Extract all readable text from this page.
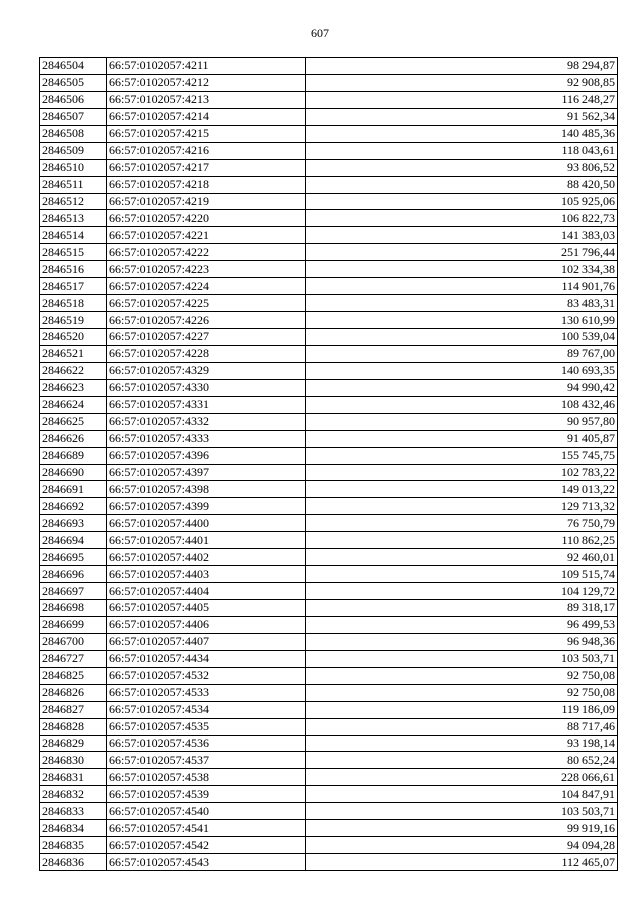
607
2846504	66:57:0102057:4211	98 294,87
2846505	66:57:0102057:4212	92 908,85
2846506	66:57:0102057:4213	116 248,27
2846507	66:57:0102057:4214	91 562,34
2846508	66:57:0102057:4215	140 485,36
2846509	66:57:0102057:4216	118 043,61
2846510	66:57:0102057:4217	93 806,52
2846511	66:57:0102057:4218	88 420,50
2846512	66:57:0102057:4219	105 925,06
2846513	66:57:0102057:4220	106 822,73
2846514	66:57:0102057:4221	141 383,03
2846515	66:57:0102057:4222	251 796,44
2846516	66:57:0102057:4223	102 334,38
2846517	66:57:0102057:4224	114 901,76
2846518	66:57:0102057:4225	83 483,31
2846519	66:57:0102057:4226	130 610,99
2846520	66:57:0102057:4227	100 539,04
2846521	66:57:0102057:4228	89 767,00
2846622	66:57:0102057:4329	140 693,35
2846623	66:57:0102057:4330	94 990,42
2846624	66:57:0102057:4331	108 432,46
2846625	66:57:0102057:4332	90 957,80
2846626	66:57:0102057:4333	91 405,87
2846689	66:57:0102057:4396	155 745,75
2846690	66:57:0102057:4397	102 783,22
2846691	66:57:0102057:4398	149 013,22
2846692	66:57:0102057:4399	129 713,32
2846693	66:57:0102057:4400	76 750,79
2846694	66:57:0102057:4401	110 862,25
2846695	66:57:0102057:4402	92 460,01
2846696	66:57:0102057:4403	109 515,74
2846697	66:57:0102057:4404	104 129,72
2846698	66:57:0102057:4405	89 318,17
2846699	66:57:0102057:4406	96 499,53
2846700	66:57:0102057:4407	96 948,36
2846727	66:57:0102057:4434	103 503,71
2846825	66:57:0102057:4532	92 750,08
2846826	66:57:0102057:4533	92 750,08
2846827	66:57:0102057:4534	119 186,09
2846828	66:57:0102057:4535	88 717,46
2846829	66:57:0102057:4536	93 198,14
2846830	66:57:0102057:4537	80 652,24
2846831	66:57:0102057:4538	228 066,61
2846832	66:57:0102057:4539	104 847,91
2846833	66:57:0102057:4540	103 503,71
2846834	66:57:0102057:4541	99 919,16
2846835	66:57:0102057:4542	94 094,28
2846836	66:57:0102057:4543	112 465,07
